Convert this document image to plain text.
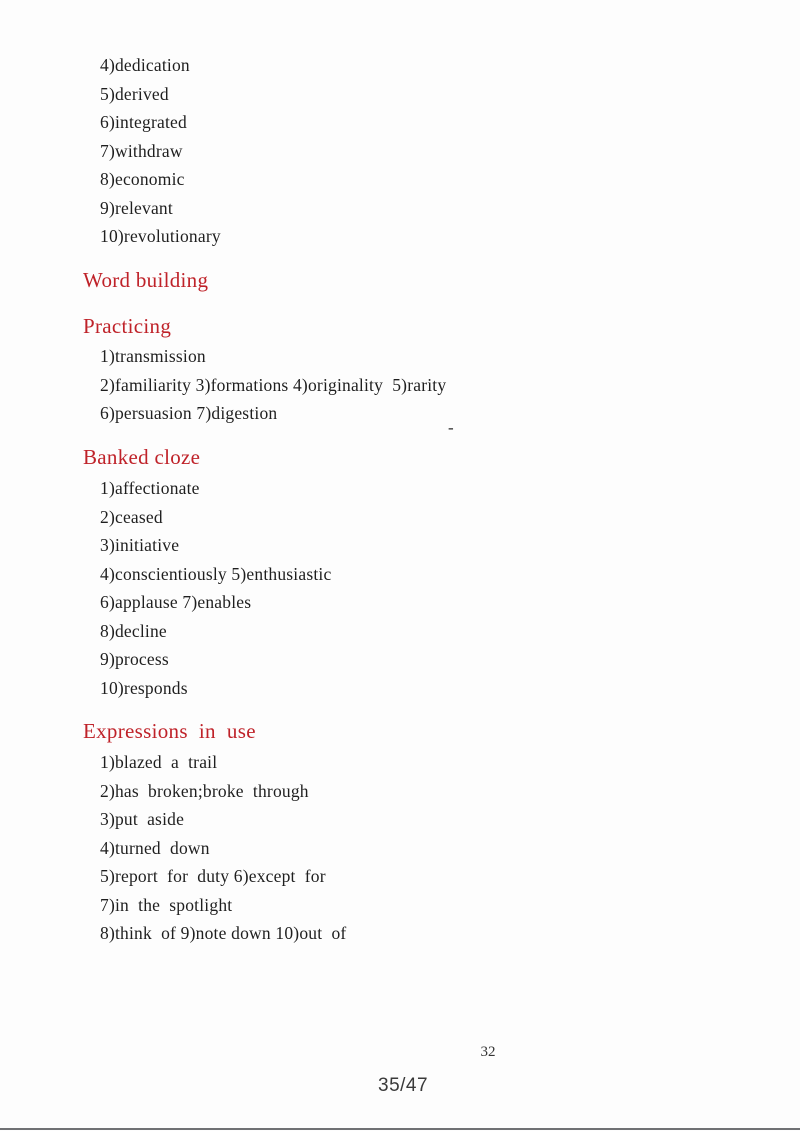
4)dedication
5)derived
6)integrated
7)withdraw
8)economic
9)relevant
10)revolutionary
Word building
Practicing
1)transmission
2)familiarity 3)formations 4)originality  5)rarity
6)persuasion 7)digestion
-
Banked cloze
1)affectionate
2)ceased
3)initiative
4)conscientiously 5)enthusiastic
6)applause 7)enables
8)decline
9)process
10)responds
Expressions  in  use
1)blazed  a  trail
2)has  broken;broke  through
3)put  aside
4)turned  down
5)report  for  duty 6)except  for
7)in  the  spotlight
8)think  of 9)note down 10)out  of
32
35/47
